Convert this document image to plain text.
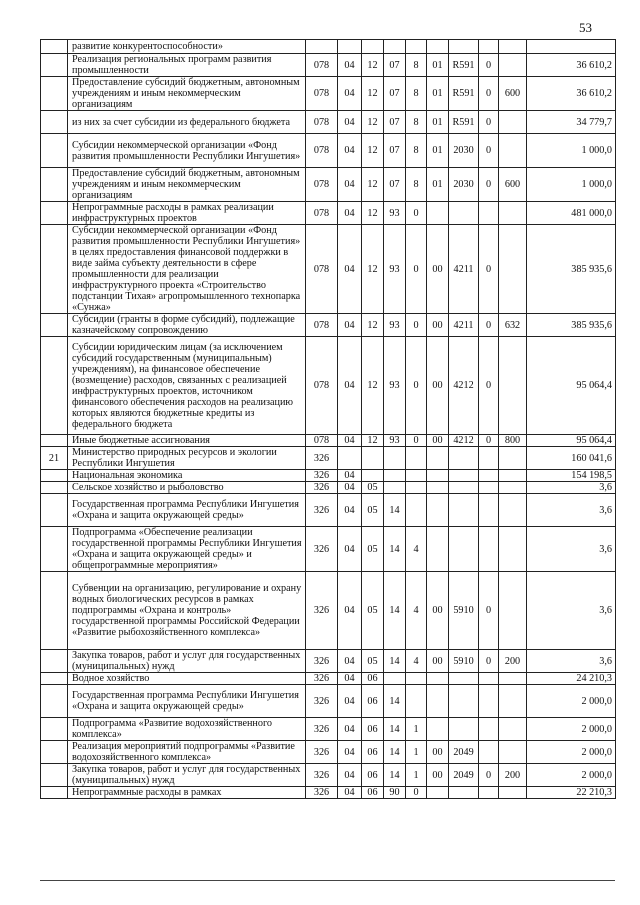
53
	развитие конкурентоспособности»										
	Реализация региональных программ развития промышленности	078	04	12	07	8	01	R591	0		36 610,2
	Предоставление субсидий бюджетным, автономным учреждениям и иным некоммерческим организациям	078	04	12	07	8	01	R591	0	600	36 610,2
	из них за счет субсидии из федерального бюджета	078	04	12	07	8	01	R591	0		34 779,7
	Субсидии некоммерческой организации «Фонд развития промышленности Республики Ингушетия»	078	04	12	07	8	01	2030	0		1 000,0
	Предоставление субсидий бюджетным, автономным учреждениям и иным некоммерческим организациям	078	04	12	07	8	01	2030	0	600	1 000,0
	Непрограммные расходы в рамках реализации инфраструктурных проектов	078	04	12	93	0					481 000,0
	Субсидии некоммерческой организации «Фонд развития промышленности Республики Ингушетия» в целях предоставления финансовой поддержки в виде займа субъекту деятельности в сфере промышленности для реализации инфраструктурного проекта «Строительство подстанции Тихая» агропромышленного технопарка «Сунжа»	078	04	12	93	0	00	4211	0		385 935,6
	Субсидии (гранты в форме субсидий), подлежащие казначейскому сопровождению	078	04	12	93	0	00	4211	0	632	385 935,6
	Субсидии юридическим лицам (за исключением субсидий государственным (муниципальным) учреждениям), на финансовое обеспечение (возмещение) расходов, связанных с реализацией инфраструктурных проектов, источником финансового обеспечения расходов на реализацию которых являются бюджетные кредиты из федерального бюджета	078	04	12	93	0	00	4212	0		95 064,4
	Иные бюджетные ассигнования	078	04	12	93	0	00	4212	0	800	95 064,4
21	Министерство природных ресурсов и экологии Республики Ингушетия	326									160 041,6
	Национальная экономика	326	04								154 198,5
	Сельское хозяйство и рыболовство	326	04	05							3,6
	Государственная программа Республики Ингушетия «Охрана и защита окружающей среды»	326	04	05	14						3,6
	Подпрограмма «Обеспечение реализации государственной программы Республики Ингушетия «Охрана и защита окружающей среды» и общепрограммные мероприятия»	326	04	05	14	4					3,6
	Субвенции на организацию, регулирование и охрану водных биологических ресурсов в рамках подпрограммы «Охрана и контроль» государственной программы Российской Федерации «Развитие рыбохозяйственного комплекса»	326	04	05	14	4	00	5910	0		3,6
	Закупка товаров, работ и услуг для государственных (муниципальных) нужд	326	04	05	14	4	00	5910	0	200	3,6
	Водное хозяйство	326	04	06							24 210,3
	Государственная программа Республики Ингушетия «Охрана и защита окружающей среды»	326	04	06	14						2 000,0
	Подпрограмма «Развитие водохозяйственного комплекса»	326	04	06	14	1					2 000,0
	Реализация мероприятий подпрограммы «Развитие водохозяйственного комплекса»	326	04	06	14	1	00	2049			2 000,0
	Закупка товаров, работ и услуг для государственных (муниципальных) нужд	326	04	06	14	1	00	2049	0	200	2 000,0
	Непрограммные расходы в рамках	326	04	06	90	0					22 210,3
